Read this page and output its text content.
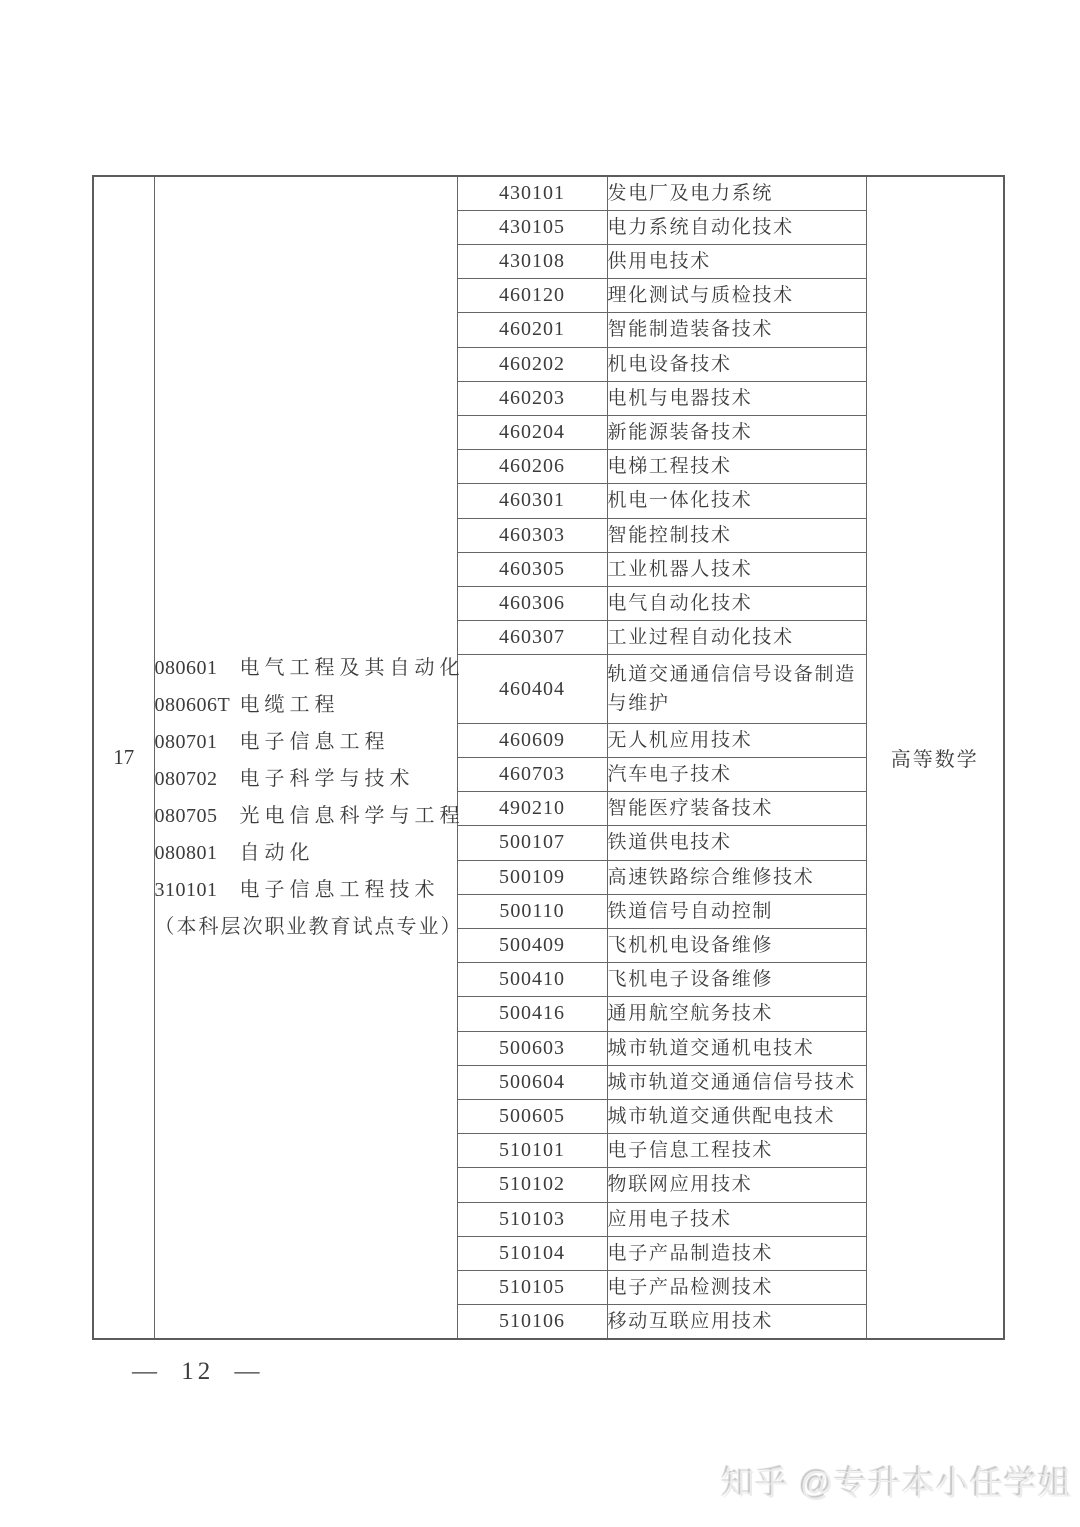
17	
080601	电气工程及其自动化
080606T 电缆工程
080701	电子信息工程
080702	电子科学与技术
080705	光电信息科学与工程
080801	自动化
310101	电子信息工程技术
（本科层次职业教育试点专业）
	430101	发电厂及电力系统	高等数学
		430105	电力系统自动化技术	
		430108	供用电技术	
		460120	理化测试与质检技术	
		460201	智能制造装备技术	
		460202	机电设备技术	
		460203	电机与电器技术	
		460204	新能源装备技术	
		460206	电梯工程技术	
		460301	机电一体化技术	
		460303	智能控制技术	
		460305	工业机器人技术	
		460306	电气自动化技术	
		460307	工业过程自动化技术	
		460404	轨道交通通信信号设备制造与维护	
		460609	无人机应用技术	
		460703	汽车电子技术	
		490210	智能医疗装备技术	
		500107	铁道供电技术	
		500109	高速铁路综合维修技术	
		500110	铁道信号自动控制	
		500409	飞机机电设备维修	
		500410	飞机电子设备维修	
		500416	通用航空航务技术	
		500603	城市轨道交通机电技术	
		500604	城市轨道交通通信信号技术	
		500605	城市轨道交通供配电技术	
		510101	电子信息工程技术	
		510102	物联网应用技术	
		510103	应用电子技术	
		510104	电子产品制造技术	
		510105	电子产品检测技术	
		510106	移动互联应用技术	
— 12 —
知乎 @专升本小任学姐
